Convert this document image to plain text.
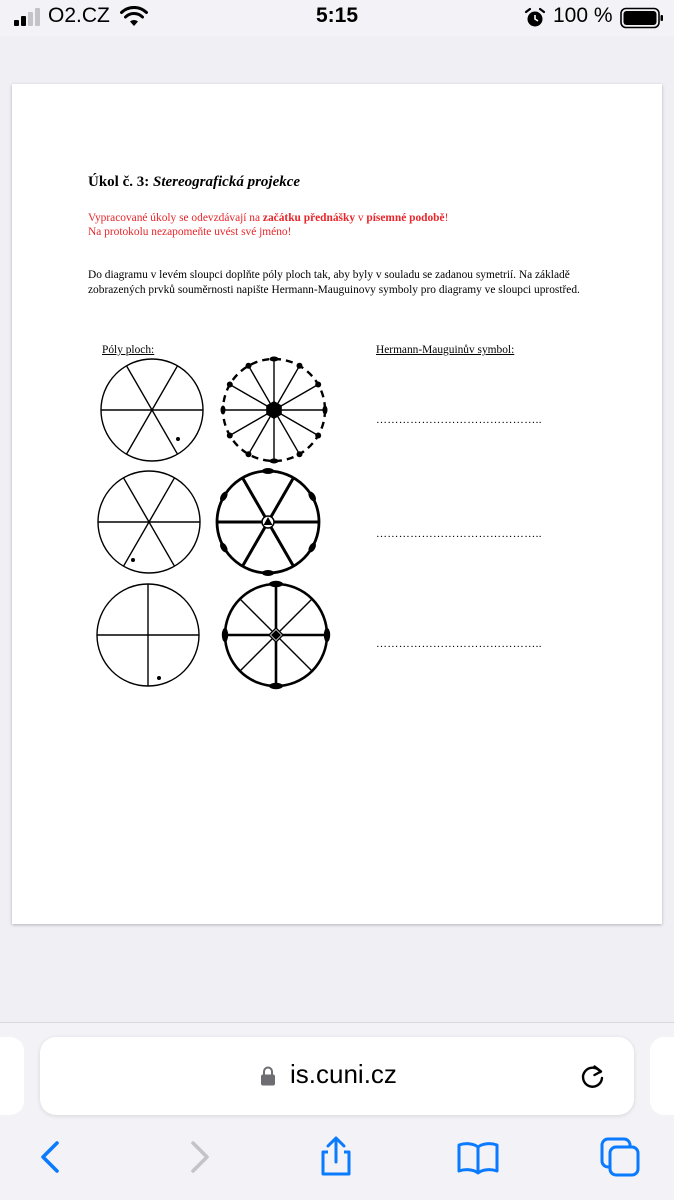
O2.CZ	5:15	100 %
Úkol č. 3: Stereografická projekce
Vypracované úkoly se odevzdávají na začátku přednášky v písemné podobě!
Na protokolu nezapomeňte uvést své jméno!
Do diagramu v levém sloupci doplňte póly ploch tak, aby byly v souladu se zadanou symetrií. Na základě zobrazených prvků souměrnosti napište Hermann-Mauguinovy symboly pro diagramy ve sloupci uprostřed.
Póly ploch:	Hermann-Mauguinův symbol:
……………………………………..
……………………………………..
……………………………………..
is.cuni.cz
